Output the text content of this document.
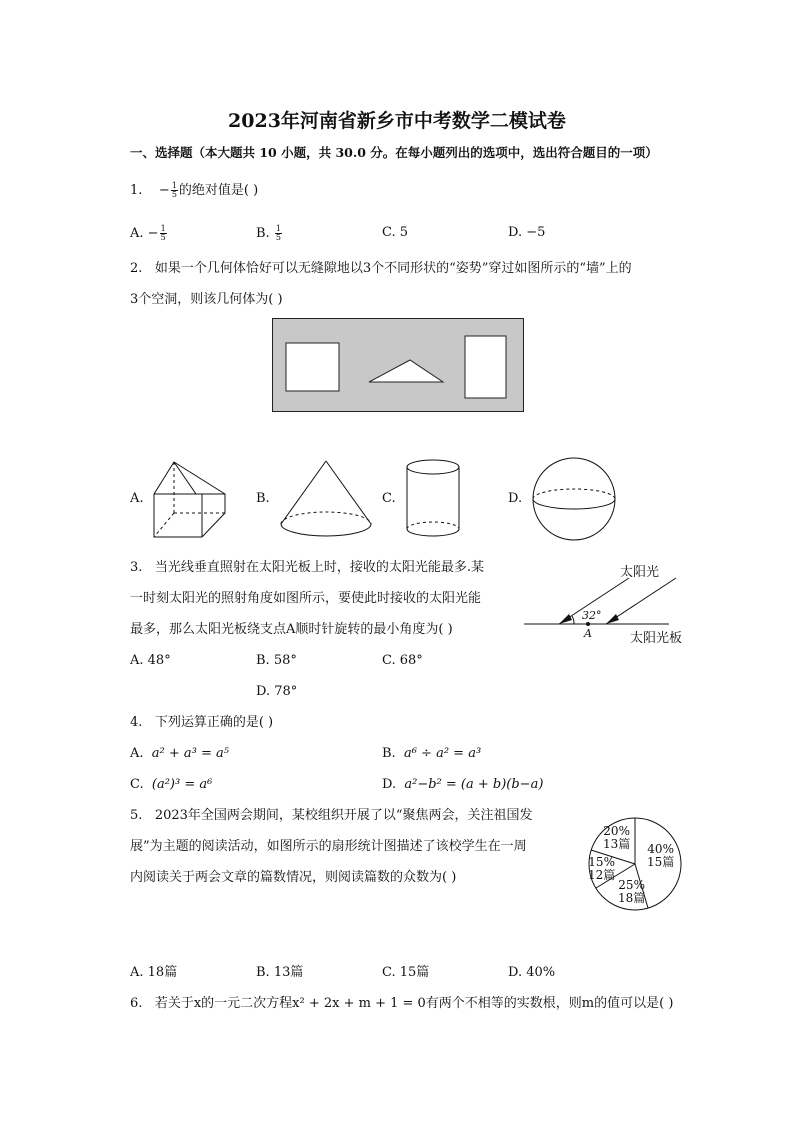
2023年河南省新乡市中考数学二模试卷
一、选择题（本大题共 10 小题，共 30.0 分。在每小题列出的选项中，选出符合题目的一项）
1.    − $\frac{1}{5}$ 的绝对值是( )
A. − $\frac{1}{5}$	B. $\frac{1}{5}$	C. 5	D. −5
2. 如果一个几何体恰好可以无缝隙地以3个不同形状的“姿势”穿过如图所示的“墙”上的
3个空洞，则该几何体为( )
A.	B.	C.	D.
3. 当光线垂直照射在太阳光板上时，接收的太阳光能最多.某
一时刻太阳光的照射角度如图所示，要使此时接收的太阳光能
最多，那么太阳光板绕支点A顺时针旋转的最小角度为( )
太阳光
32°
A	太阳光板
A. 48°	B. 58°	C. 68°
D. 78°
4. 下列运算正确的是( )
A. a² + a³ = a⁵	B. a⁶ ÷ a² = a³
C. (a²)³ = a⁶	D. a²−b² = (a + b)(b−a)
5. 2023年全国两会期间，某校组织开展了以“聚焦两会，关注祖国发
展”为主题的阅读活动，如图所示的扇形统计图描述了该校学生在一周
内阅读关于两会文章的篇数情况，则阅读篇数的众数为( )
20%
13篇 40%
15篇
25%
18篇
15%
12篇
A. 18篇	B. 13篇	C. 15篇	D. 40%
6. 若关于x的一元二次方程x² + 2x + m + 1 = 0有两个不相等的实数根，则m的值可以是( )
